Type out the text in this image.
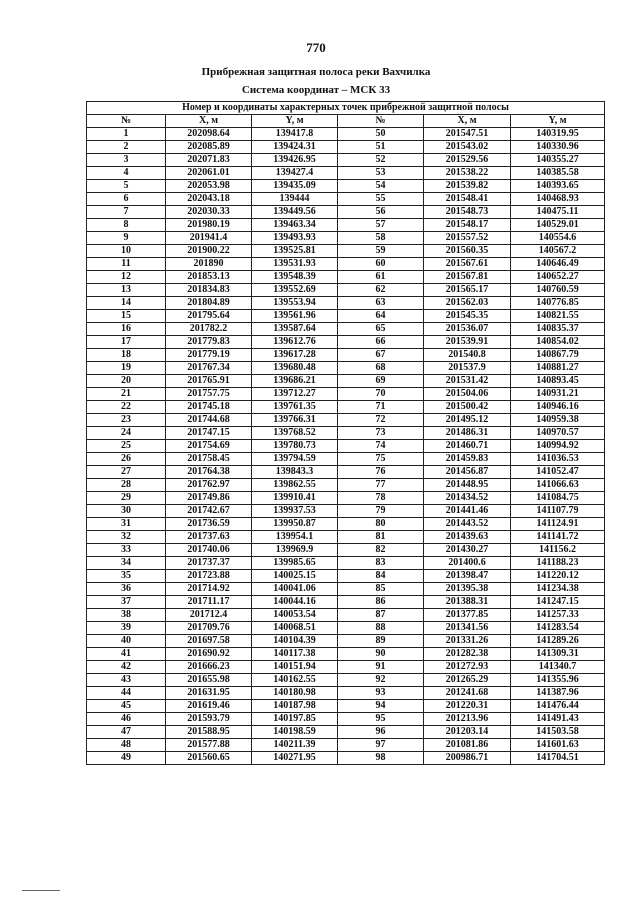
770
Прибрежная защитная полоса реки Вахчилка
Система координат – МСК 33
Номер и координаты характерных точек прибрежной защитной полосы					
№	X, м	Y, м	№	X, м	Y, м
1	202098.64	139417.8	50	201547.51	140319.95
2	202085.89	139424.31	51	201543.02	140330.96
3	202071.83	139426.95	52	201529.56	140355.27
4	202061.01	139427.4	53	201538.22	140385.58
5	202053.98	139435.09	54	201539.82	140393.65
6	202043.18	139444	55	201548.41	140468.93
7	202030.33	139449.56	56	201548.73	140475.11
8	201980.19	139463.34	57	201548.17	140529.01
9	201941.4	139493.93	58	201557.52	140554.6
10	201900.22	139525.81	59	201560.35	140567.2
11	201890	139531.93	60	201567.61	140646.49
12	201853.13	139548.39	61	201567.81	140652.27
13	201834.83	139552.69	62	201565.17	140760.59
14	201804.89	139553.94	63	201562.03	140776.85
15	201795.64	139561.96	64	201545.35	140821.55
16	201782.2	139587.64	65	201536.07	140835.37
17	201779.83	139612.76	66	201539.91	140854.02
18	201779.19	139617.28	67	201540.8	140867.79
19	201767.34	139680.48	68	201537.9	140881.27
20	201765.91	139686.21	69	201531.42	140893.45
21	201757.75	139712.27	70	201504.06	140931.21
22	201745.18	139761.35	71	201500.42	140946.16
23	201744.68	139766.31	72	201495.12	140959.38
24	201747.15	139768.52	73	201486.31	140970.57
25	201754.69	139780.73	74	201460.71	140994.92
26	201758.45	139794.59	75	201459.83	141036.53
27	201764.38	139843.3	76	201456.87	141052.47
28	201762.97	139862.55	77	201448.95	141066.63
29	201749.86	139910.41	78	201434.52	141084.75
30	201742.67	139937.53	79	201441.46	141107.79
31	201736.59	139950.87	80	201443.52	141124.91
32	201737.63	139954.1	81	201439.63	141141.72
33	201740.06	139969.9	82	201430.27	141156.2
34	201737.37	139985.65	83	201400.6	141188.23
35	201723.88	140025.15	84	201398.47	141220.12
36	201714.92	140041.06	85	201395.38	141234.38
37	201711.17	140044.16	86	201388.31	141247.15
38	201712.4	140053.54	87	201377.85	141257.33
39	201709.76	140068.51	88	201341.56	141283.54
40	201697.58	140104.39	89	201331.26	141289.26
41	201690.92	140117.38	90	201282.38	141309.31
42	201666.23	140151.94	91	201272.93	141340.7
43	201655.98	140162.55	92	201265.29	141355.96
44	201631.95	140180.98	93	201241.68	141387.96
45	201619.46	140187.98	94	201220.31	141476.44
46	201593.79	140197.85	95	201213.96	141491.43
47	201588.95	140198.59	96	201203.14	141503.58
48	201577.88	140211.39	97	201081.86	141601.63
49	201560.65	140271.95	98	200986.71	141704.51
